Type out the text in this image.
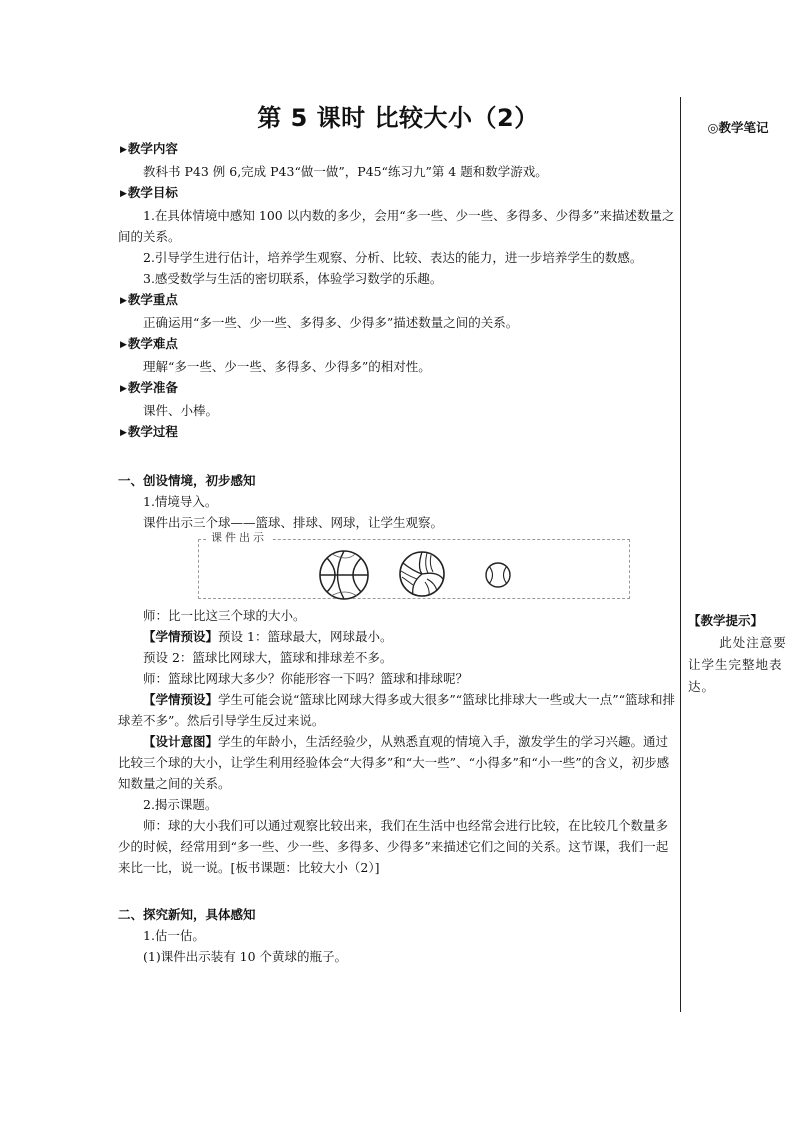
第 5 课时 比较大小（2）

▶教学内容

教科书 P43 例 6,完成 P43“做一做”，P45“练习九”第 4 题和数学游戏。

▶教学目标

1.在具体情境中感知 100 以内数的多少，会用“多一些、少一些、多得多、少得多”来描述数量之间的关系。

2.引导学生进行估计，培养学生观察、分析、比较、表达的能力，进一步培养学生的数感。

3.感受数学与生活的密切联系，体验学习数学的乐趣。

▶教学重点

正确运用“多一些、少一些、多得多、少得多”描述数量之间的关系。

▶教学难点

理解“多一些、少一些、多得多、少得多”的相对性。

▶教学准备

课件、小棒。

▶教学过程

一、创设情境，初步感知

1.情境导入。

课件出示三个球——篮球、排球、网球，让学生观察。

课件出示

师：比一比这三个球的大小。

【学情预设】预设 1：篮球最大，网球最小。

预设 2：篮球比网球大，篮球和排球差不多。

师：篮球比网球大多少？你能形容一下吗？篮球和排球呢？

【学情预设】学生可能会说“篮球比网球大得多或大很多”“篮球比排球大一些或大一点”“篮球和排球差不多”。然后引导学生反过来说。

【设计意图】学生的年龄小，生活经验少，从熟悉直观的情境入手，激发学生的学习兴趣。通过比较三个球的大小，让学生利用经验体会“大得多”和“大一些”、“小得多”和“小一些”的含义，初步感知数量之间的关系。

2.揭示课题。

师：球的大小我们可以通过观察比较出来，我们在生活中也经常会进行比较，在比较几个数量多少的时候，经常用到“多一些、少一些、多得多、少得多”来描述它们之间的关系。这节课，我们一起来比一比，说一说。[板书课题：比较大小（2）]

二、探究新知，具体感知

1.估一估。

(1)课件出示装有 10 个黄球的瓶子。

◎教学笔记
【教学提示】
此处注意要让学生完整地表达。
